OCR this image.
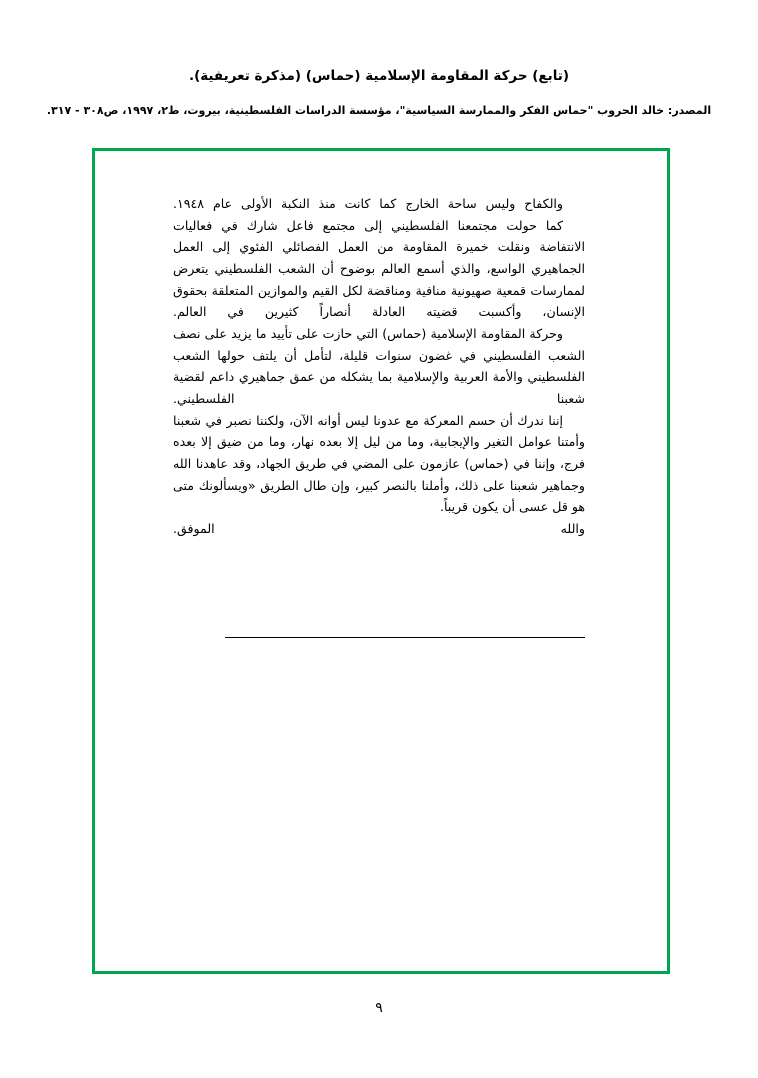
(تابع) حركة المقاومة الإسلامية (حماس) (مذكرة تعريفية).
المصدر: خالد الحروب "حماس الفكر والممارسة السياسية"، مؤسسة الدراسات الفلسطينية، بيروت، ط٢، ١٩٩٧، ص٣٠٨ - ٣١٧.

والكفاح وليس ساحة الخارج كما كانت منذ النكبة الأولى عام ١٩٤٨.

كما حولت مجتمعنا الفلسطيني إلى مجتمع فاعل شارك في فعاليات الانتفاضة ونقلت خميرة المقاومة من العمل الفصائلي الفئوي إلى العمل الجماهيري الواسع، والذي أسمع العالم بوضوح أن الشعب الفلسطيني يتعرض لممارسات قمعية صهيونية منافية ومناقضة لكل القيم والموازين المتعلقة بحقوق الإنسان، وأكسبت قضيته العادلة أنصاراً كثيرين في العالم.

وحركة المقاومة الإسلامية (حماس) التي حازت على تأييد ما يزيد على نصف الشعب الفلسطيني في غضون سنوات قليلة، لتأمل أن يلتف حولها الشعب الفلسطيني والأمة العربية والإسلامية بما يشكله من عمق جماهيري داعم لقضية شعبنا الفلسطيني.

إننا ندرك أن حسم المعركة مع عدونا ليس أوانه الآن، ولكننا نصبر في شعبنا وأمتنا عوامل التغير والإيجابية، وما من ليل إلا بعده نهار، وما من ضيق إلا بعده فرج، وإننا في (حماس) عازمون على المضي في طريق الجهاد، وقد عاهدنا الله وجماهير شعبنا على ذلك، وأملنا بالنصر كبير، وإن طال الطريق «ويسألونك متى هو قل عسى أن يكون قريباً.

والله الموفق.

٩
